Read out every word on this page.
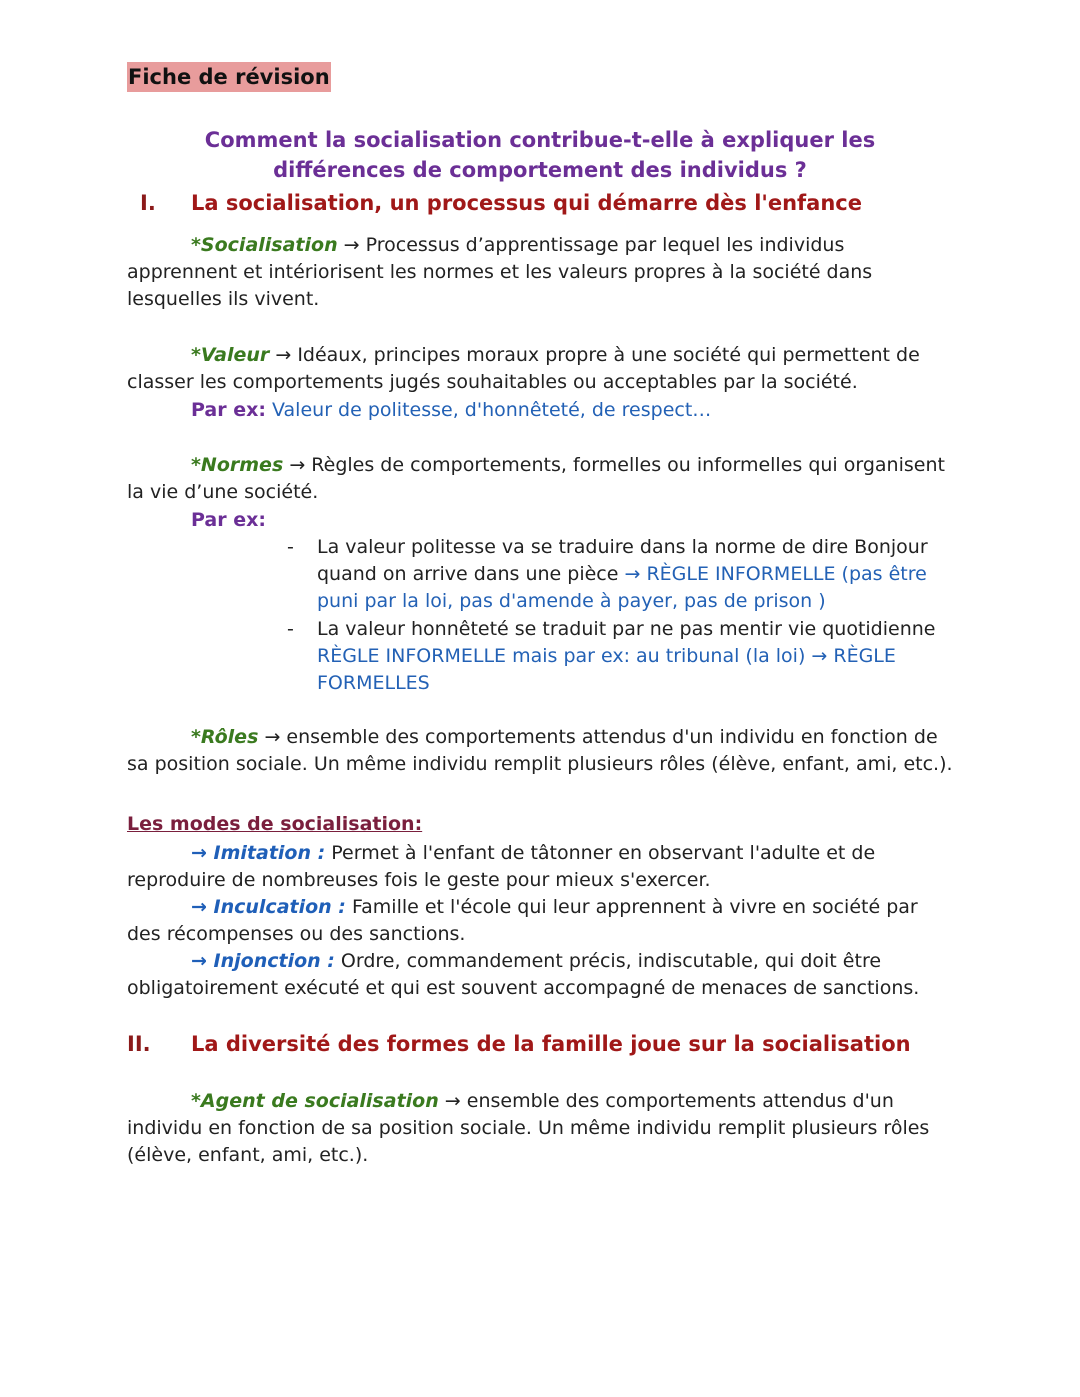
Fiche de révision
Comment la socialisation contribue-t-elle à expliquer les
différences de comportement des individus ?
I. La socialisation, un processus qui démarre dès l'enfance
*Socialisation → Processus d’apprentissage par lequel les individus apprennent et intériorisent les normes et les valeurs propres à la société dans lesquelles ils vivent.
*Valeur → Idéaux, principes moraux propre à une société qui permettent de classer les comportements jugés souhaitables ou acceptables par la société.
Par ex: Valeur de politesse, d'honnêteté, de respect…
*Normes → Règles de comportements, formelles ou informelles qui organisent la vie d’une société.
Par ex:
- La valeur politesse va se traduire dans la norme de dire Bonjour quand on arrive dans une pièce → RÈGLE INFORMELLE (pas être puni par la loi, pas d'amende à payer, pas de prison )
- La valeur honnêteté se traduit par ne pas mentir vie quotidienne RÈGLE INFORMELLE mais par ex: au tribunal (la loi) → RÈGLE FORMELLES
*Rôles → ensemble des comportements attendus d'un individu en fonction de sa position sociale. Un même individu remplit plusieurs rôles (élève, enfant, ami, etc.).
Les modes de socialisation:
→ Imitation : Permet à l'enfant de tâtonner en observant l'adulte et de reproduire de nombreuses fois le geste pour mieux s'exercer.
→ Inculcation : Famille et l'école qui leur apprennent à vivre en société par des récompenses ou des sanctions.
→ Injonction : Ordre, commandement précis, indiscutable, qui doit être obligatoirement exécuté et qui est souvent accompagné de menaces de sanctions.
II. La diversité des formes de la famille joue sur la socialisation
*Agent de socialisation → ensemble des comportements attendus d'un individu en fonction de sa position sociale. Un même individu remplit plusieurs rôles (élève, enfant, ami, etc.).
